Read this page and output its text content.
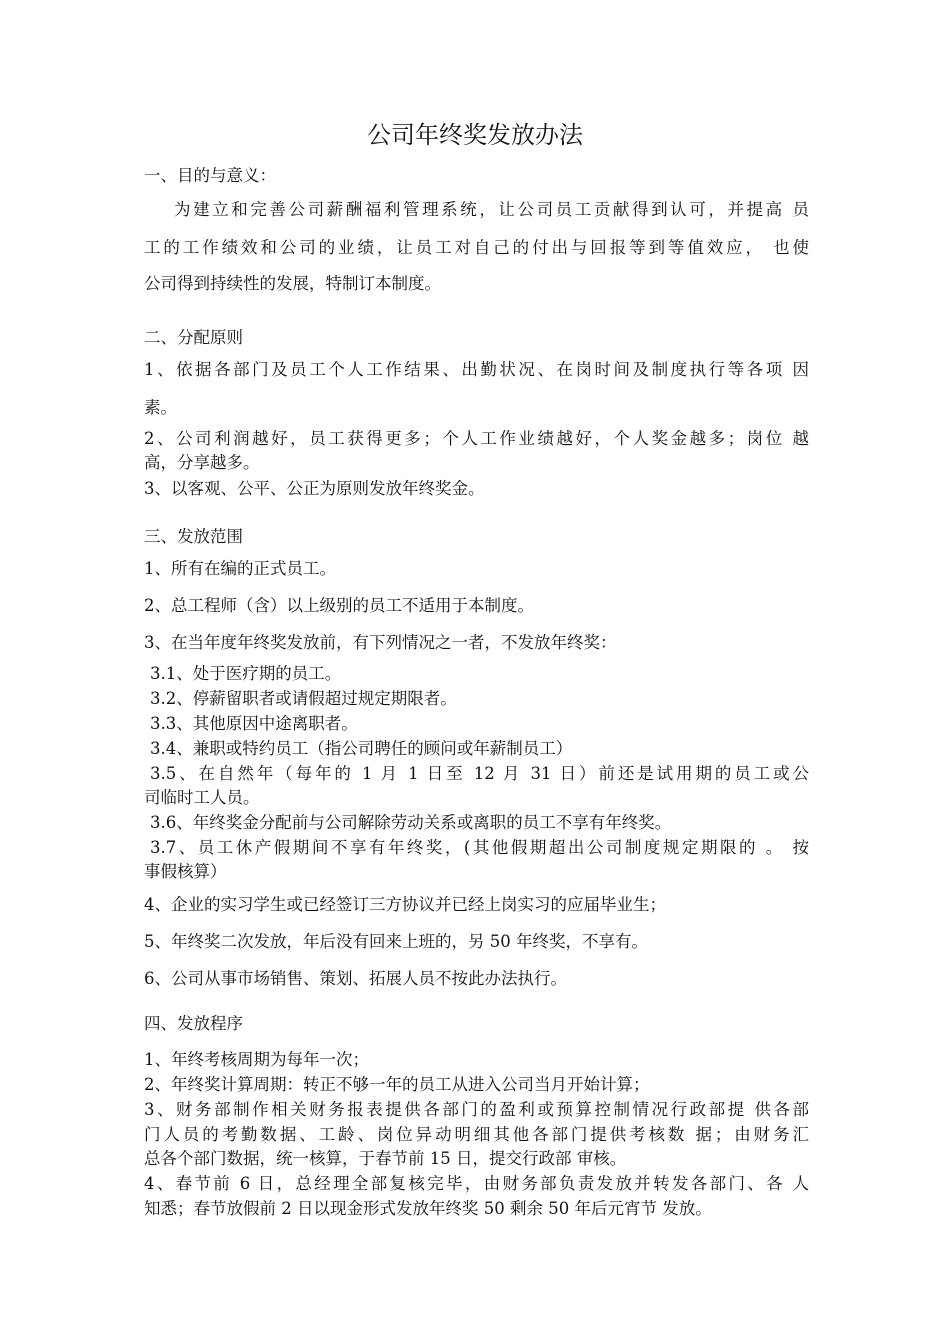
公司年终奖发放办法
一、目的与意义：
为建立和完善公司薪酬福利管理系统，让公司员工贡献得到认可，并提高 员
工的工作绩效和公司的业绩，让员工对自己的付出与回报等到等值效应， 也使
公司得到持续性的发展，特制订本制度。
二、分配原则
1、依据各部门及员工个人工作结果、出勤状况、在岗时间及制度执行等各项 因
素。
2、公司利润越好，员工获得更多；个人工作业绩越好，个人奖金越多；岗位 越
高，分享越多。
3、以客观、公平、公正为原则发放年终奖金。
三、发放范围
1、所有在编的正式员工。
2、总工程师（含）以上级别的员工不适用于本制度。
3、在当年度年终奖发放前，有下列情况之一者，不发放年终奖：
3.1、处于医疗期的员工。
3.2、停薪留职者或请假超过规定期限者。
3.3、其他原因中途离职者。
3.4、兼职或特约员工（指公司聘任的顾问或年薪制员工）
3.5、在自然年（每年的 1 月 1 日至 12 月 31 日）前还是试用期的员工或公
司临时工人员。
3.6、年终奖金分配前与公司解除劳动关系或离职的员工不享有年终奖。
3.7、员工休产假期间不享有年终奖，(其他假期超出公司制度规定期限的 。 按
事假核算）
4、企业的实习学生或已经签订三方协议并已经上岗实习的应届毕业生；
5、年终奖二次发放，年后没有回来上班的，另 50 年终奖，不享有。
6、公司从事市场销售、策划、拓展人员不按此办法执行。
四、发放程序
1、年终考核周期为每年一次；
2、年终奖计算周期：转正不够一年的员工从进入公司当月开始计算；
3、财务部制作相关财务报表提供各部门的盈利或预算控制情况行政部提 供各部
门人员的考勤数据、工龄、岗位异动明细其他各部门提供考核数 据；由财务汇
总各个部门数据，统一核算，于春节前 15 日，提交行政部 审核。
4、春节前 6 日，总经理全部复核完毕，由财务部负责发放并转发各部门、各 人
知悉；春节放假前 2 日以现金形式发放年终奖 50 剩余 50 年后元宵节 发放。
